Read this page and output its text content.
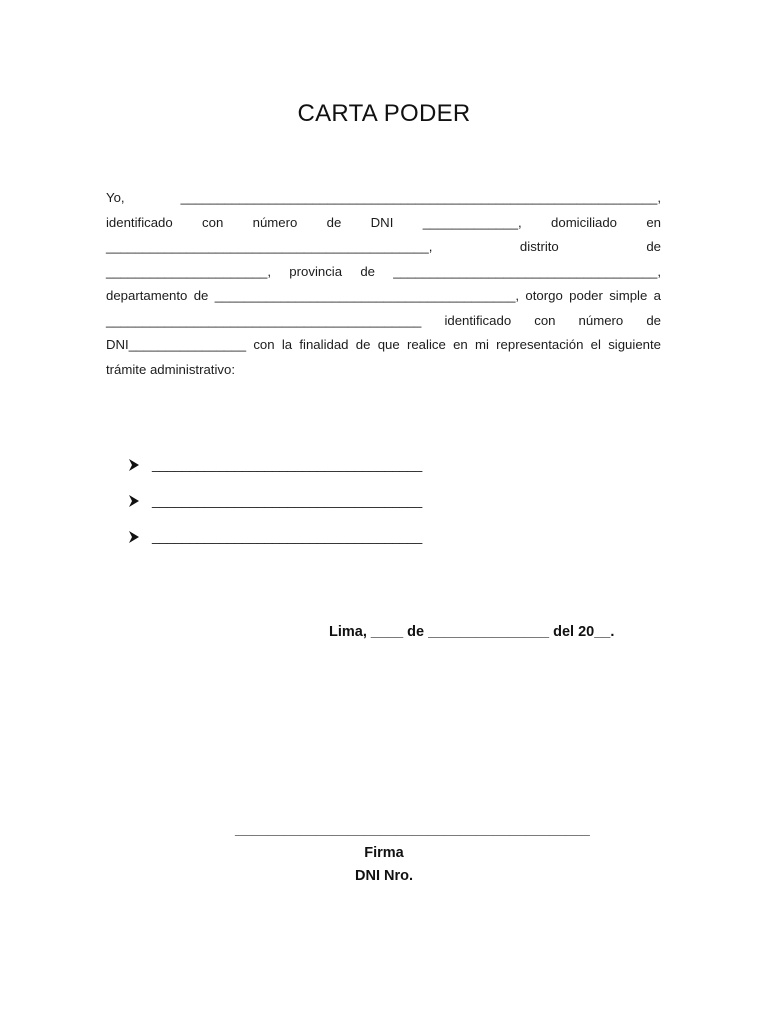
CARTA PODER
Yo,   _________________________________________________________________,
identificado   con   número   de   DNI   _____________,   domiciliado   en
____________________________________________,   distrito   de
______________________,  provincia  de  ____________________________________,
departamento de _________________________________________, otorgo poder simple a
___________________________________________   identificado   con   número   de
DNI________________ con la finalidad de que realice en mi representación el siguiente
trámite administrativo:
____________________________________
____________________________________
____________________________________
Lima, ____ de _______________ del 20__.
____________________________________________
Firma
DNI Nro.
